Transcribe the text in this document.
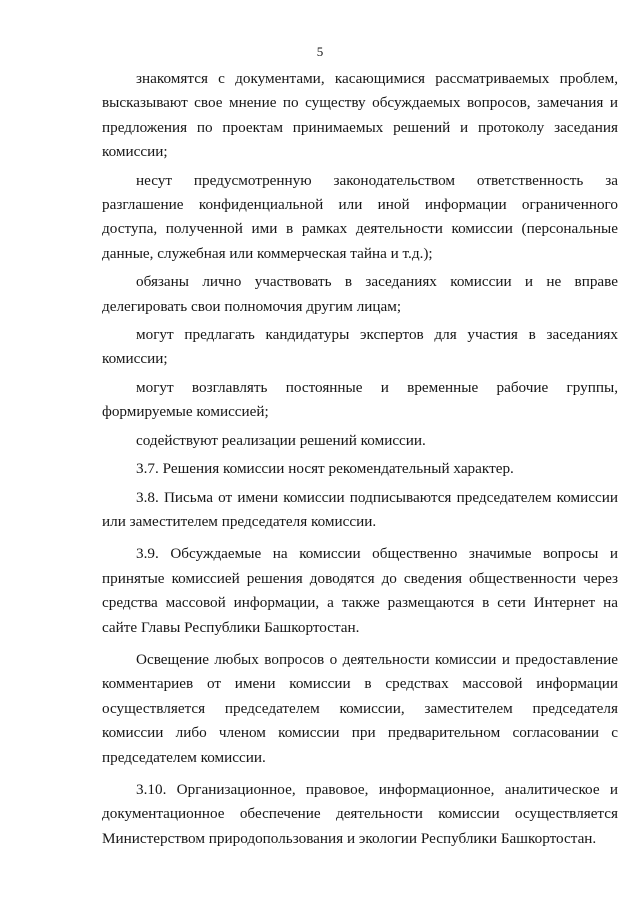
5

знакомятся с документами, касающимися рассматриваемых проблем, высказывают свое мнение по существу обсуждаемых вопросов, замечания и предложения по проектам принимаемых решений и протоколу заседания комиссии;

несут предусмотренную законодательством ответственность за разглашение конфиденциальной или иной информации ограниченного доступа, полученной ими в рамках деятельности комиссии (персональные данные, служебная или коммерческая тайна и т.д.);

обязаны лично участвовать в заседаниях комиссии и не вправе делегировать свои полномочия другим лицам;

могут предлагать кандидатуры экспертов для участия в заседаниях комиссии;

могут возглавлять постоянные и временные рабочие группы, формируемые комиссией;

содействуют реализации решений комиссии.

3.7. Решения комиссии носят рекомендательный характер.

3.8. Письма от имени комиссии подписываются председателем комиссии или заместителем председателя комиссии.

3.9. Обсуждаемые на комиссии общественно значимые вопросы и принятые комиссией решения доводятся до сведения общественности через средства массовой информации, а также размещаются в сети Интернет на сайте Главы Республики Башкортостан.

Освещение любых вопросов о деятельности комиссии и предоставление комментариев от имени комиссии в средствах массовой информации осуществляется председателем комиссии, заместителем председателя комиссии либо членом комиссии при предварительном согласовании с председателем комиссии.

3.10. Организационное, правовое, информационное, аналитическое и документационное обеспечение деятельности комиссии осуществляется Министерством природопользования и экологии Республики Башкортостан.
